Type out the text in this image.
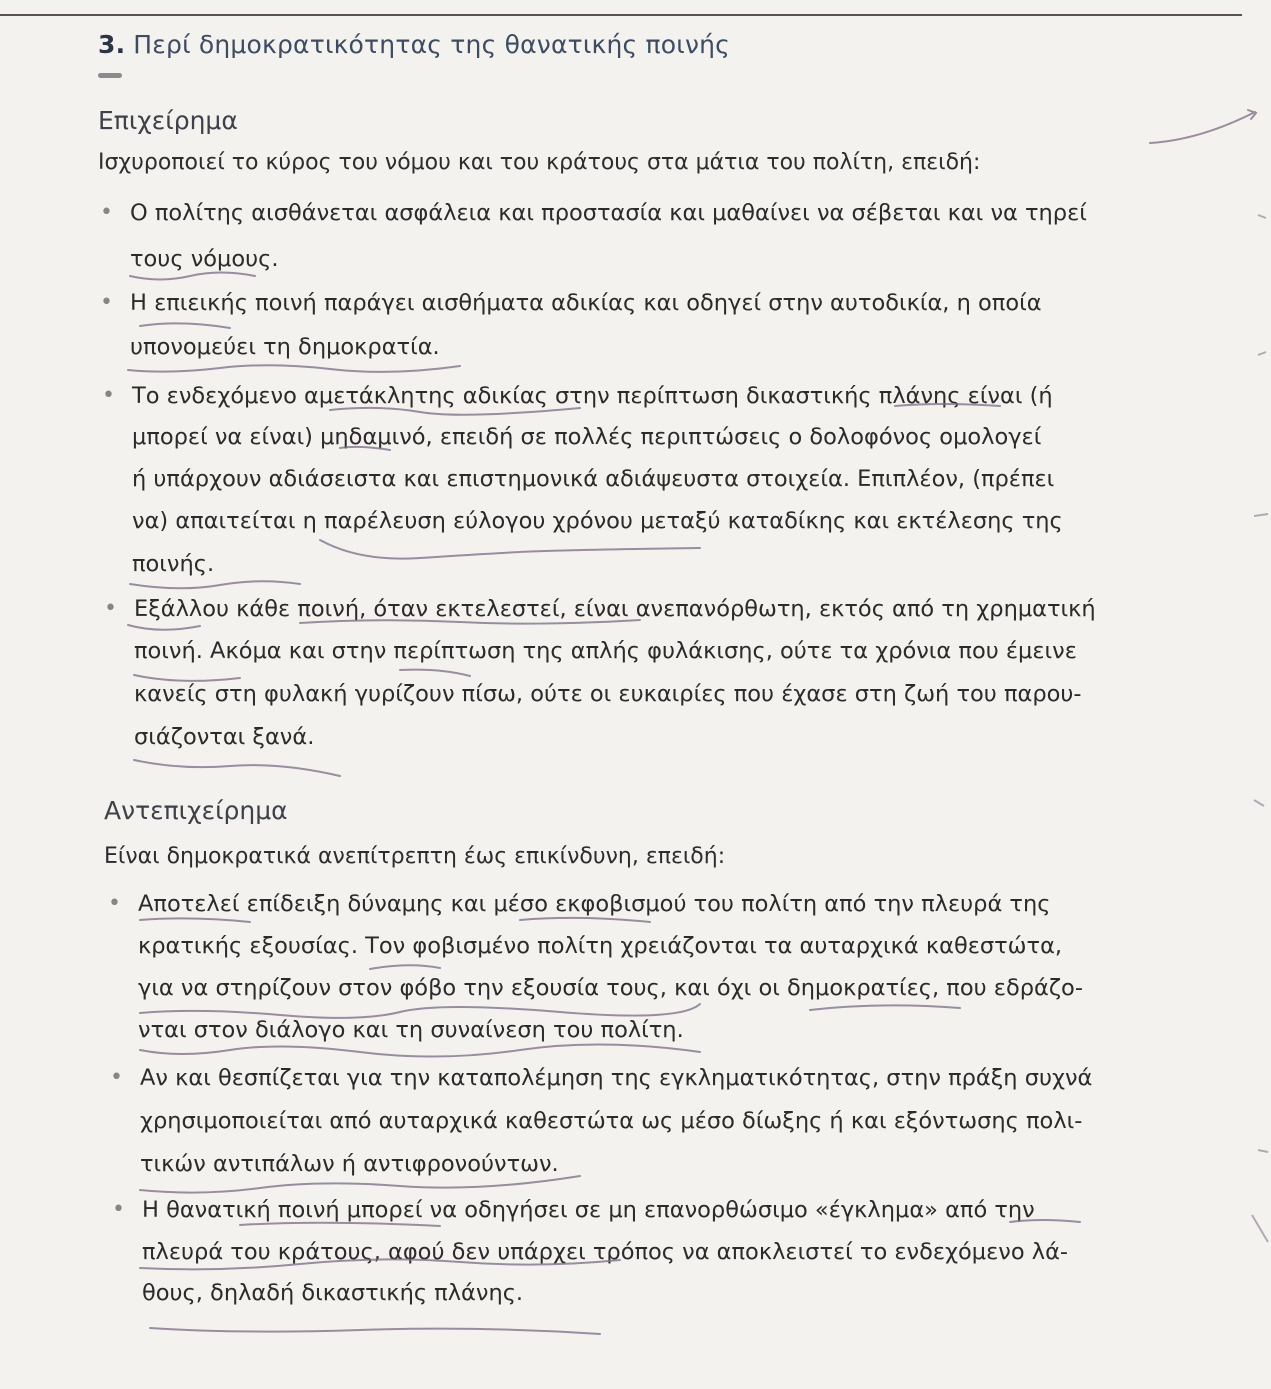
3. Περί δημοκρατικότητας της θανατικής ποινής
Επιχείρημα
Ισχυροποιεί το κύρος του νόμου και του κράτους στα μάτια του πολίτη, επειδή:
• Ο πολίτης αισθάνεται ασφάλεια και προστασία και μαθαίνει να σέβεται και να τηρεί
τους νόμους.
• Η επιεικής ποινή παράγει αισθήματα αδικίας και οδηγεί στην αυτοδικία, η οποία
υπονομεύει τη δημοκρατία.
• Το ενδεχόμενο αμετάκλητης αδικίας στην περίπτωση δικαστικής πλάνης είναι (ή
μπορεί να είναι) μηδαμινό, επειδή σε πολλές περιπτώσεις ο δολοφόνος ομολογεί
ή υπάρχουν αδιάσειστα και επιστημονικά αδιάψευστα στοιχεία. Επιπλέον, (πρέπει
να) απαιτείται η παρέλευση εύλογου χρόνου μεταξύ καταδίκης και εκτέλεσης της
ποινής.
• Εξάλλου κάθε ποινή, όταν εκτελεστεί, είναι ανεπανόρθωτη, εκτός από τη χρηματική
ποινή. Ακόμα και στην περίπτωση της απλής φυλάκισης, ούτε τα χρόνια που έμεινε
κανείς στη φυλακή γυρίζουν πίσω, ούτε οι ευκαιρίες που έχασε στη ζωή του παρου-
σιάζονται ξανά.
Αντεπιχείρημα
Είναι δημοκρατικά ανεπίτρεπτη έως επικίνδυνη, επειδή:
• Αποτελεί επίδειξη δύναμης και μέσο εκφοβισμού του πολίτη από την πλευρά της
κρατικής εξουσίας. Τον φοβισμένο πολίτη χρειάζονται τα αυταρχικά καθεστώτα,
για να στηρίζουν στον φόβο την εξουσία τους, και όχι οι δημοκρατίες, που εδράζο-
νται στον διάλογο και τη συναίνεση του πολίτη.
• Αν και θεσπίζεται για την καταπολέμηση της εγκληματικότητας, στην πράξη συχνά
χρησιμοποιείται από αυταρχικά καθεστώτα ως μέσο δίωξης ή και εξόντωσης πολι-
τικών αντιπάλων ή αντιφρονούντων.
• Η θανατική ποινή μπορεί να οδηγήσει σε μη επανορθώσιμο «έγκλημα» από την
πλευρά του κράτους, αφού δεν υπάρχει τρόπος να αποκλειστεί το ενδεχόμενο λά-
θους, δηλαδή δικαστικής πλάνης.
